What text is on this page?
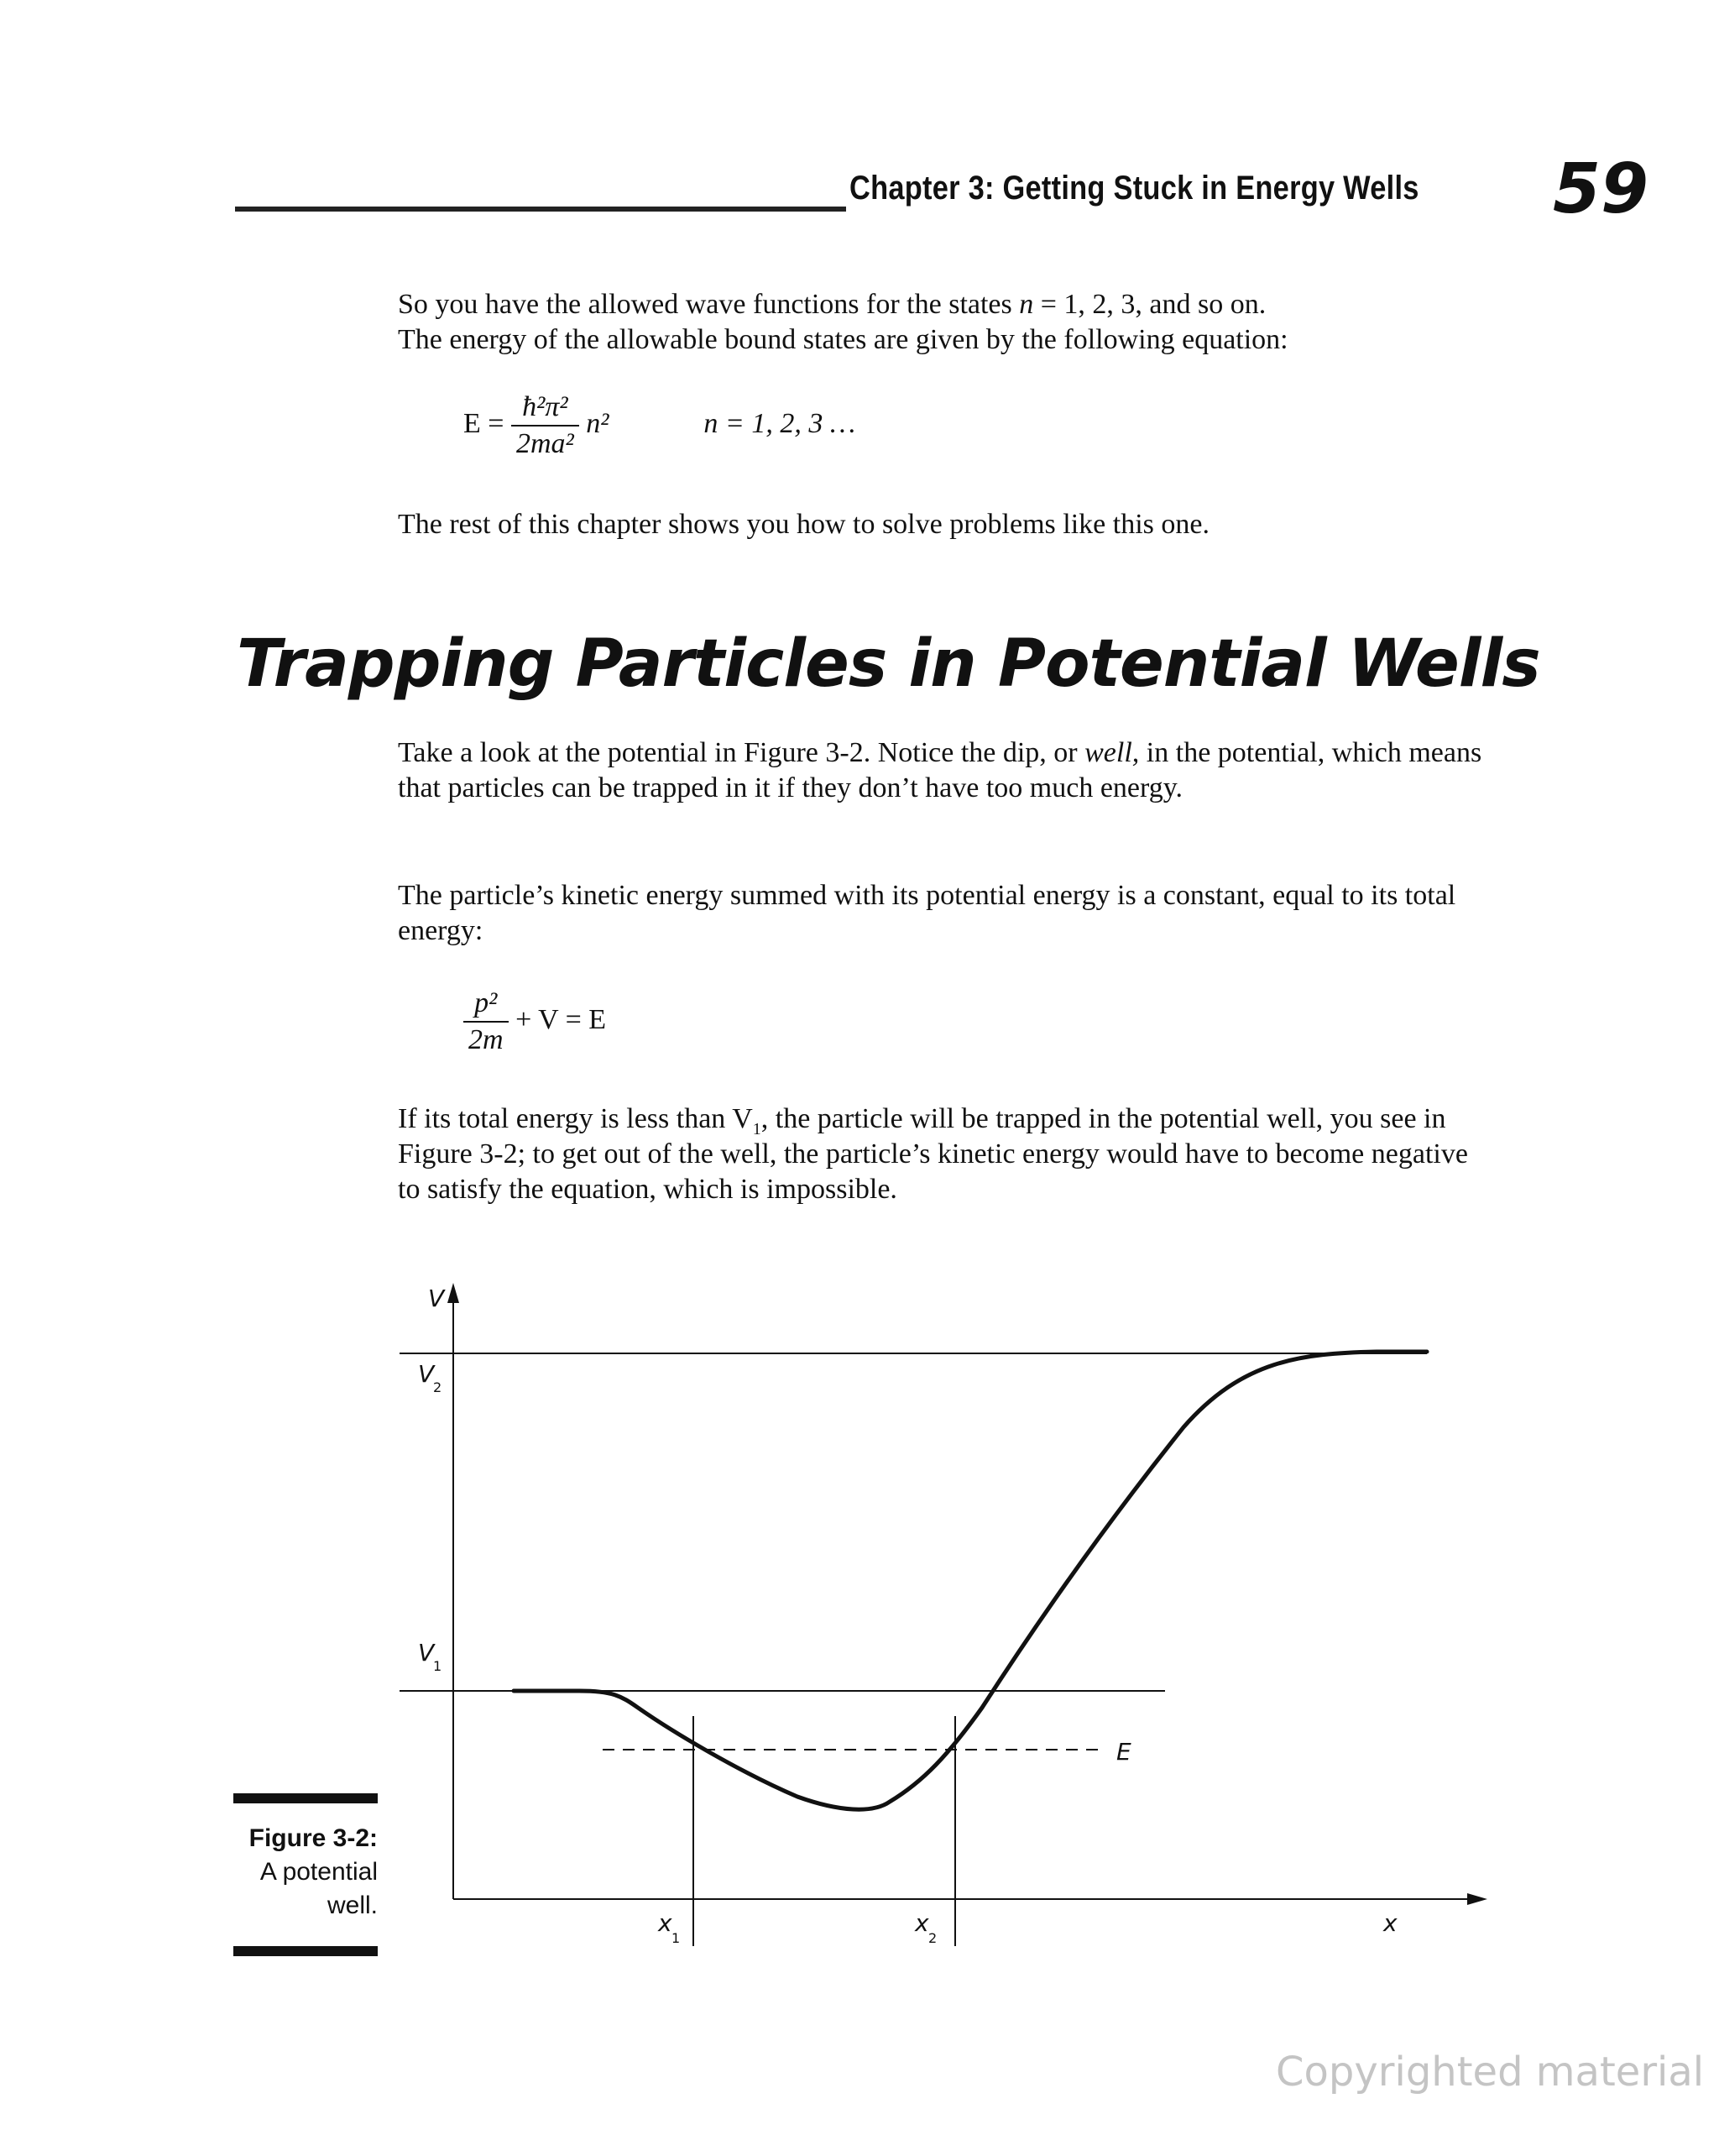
Chapter 3: Getting Stuck in Energy Wells 59

So you have the allowed wave functions for the states n = 1, 2, 3, and so on.
The energy of the allowable bound states are given by the following equation:

$E = \frac{\text{ħ²π²}}{\text{2ma²}} n^2$	n = 1, 2, 3 …

The rest of this chapter shows you how to solve problems like this one.

Trapping Particles in Potential Wells

Take a look at the potential in Figure 3-2. Notice the dip, or well, in the potential, which means that particles can be trapped in it if they don’t have too much energy.

The particle’s kinetic energy summed with its potential energy is a constant, equal to its total energy:

$\frac{\text{p²}}{2m} + V = E$

If its total energy is less than $V_1$, the particle will be trapped in the potential well, you see in Figure 3-2; to get out of the well, the particle’s kinetic energy would have to become negative to satisfy the equation, which is impossible.

V
V
2
V
1
E
x
1
x
2
x
Figure 3-2:
A potential well.
Copyrighted material
